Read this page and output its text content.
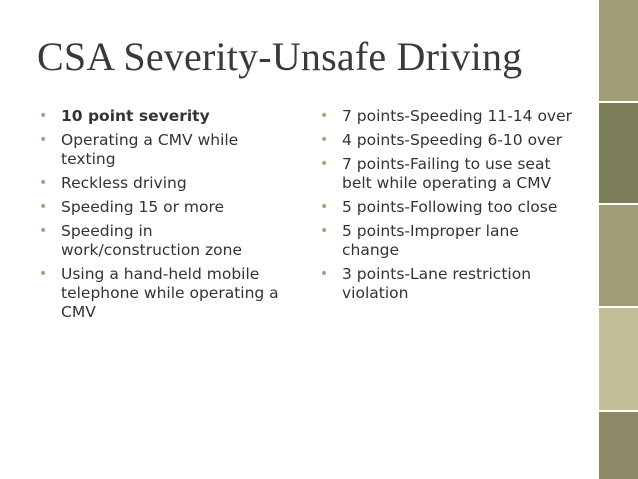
CSA Severity-Unsafe Driving
• 10 point severity
• Operating a CMV while texting
• Reckless driving
• Speeding 15 or more
• Speeding in work/construction zone
• Using a hand-held mobile telephone while operating a CMV
• 7 points-Speeding 11-14 over
• 4 points-Speeding 6-10 over
• 7 points-Failing to use seat belt while operating a CMV
• 5 points-Following too close
• 5 points-Improper lane change
• 3 points-Lane restriction violation
